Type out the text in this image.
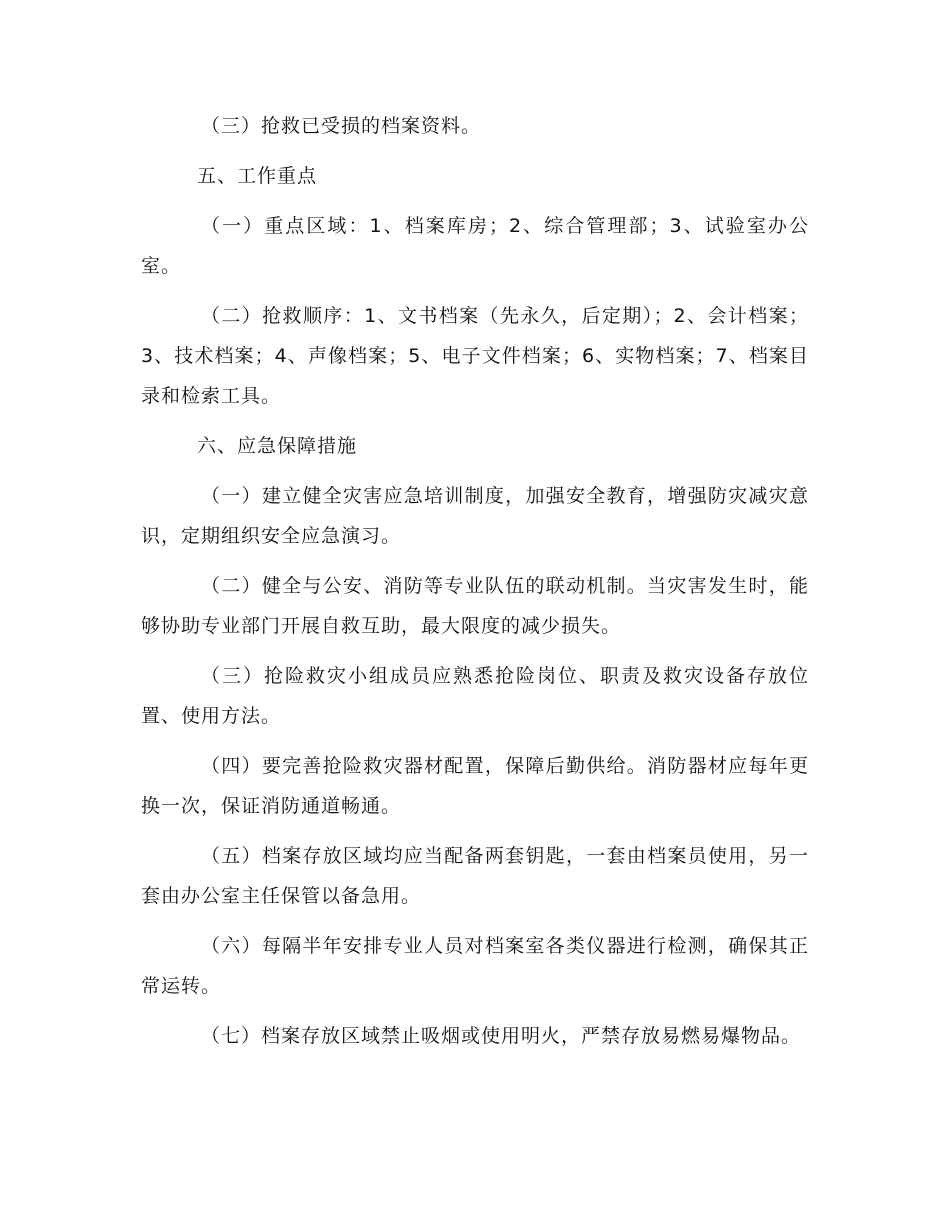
（三）抢救已受损的档案资料。

五、工作重点

（一）重点区域：1、档案库房；2、综合管理部；3、试验室办公室。

（二）抢救顺序：1、文书档案（先永久，后定期）；2、会计档案；3、技术档案；4、声像档案；5、电子文件档案；6、实物档案；7、档案目录和检索工具。

六、应急保障措施

（一）建立健全灾害应急培训制度，加强安全教育，增强防灾减灾意识，定期组织安全应急演习。

（二）健全与公安、消防等专业队伍的联动机制。当灾害发生时，能够协助专业部门开展自救互助，最大限度的减少损失。

（三）抢险救灾小组成员应熟悉抢险岗位、职责及救灾设备存放位置、使用方法。

（四）要完善抢险救灾器材配置，保障后勤供给。消防器材应每年更换一次，保证消防通道畅通。

（五）档案存放区域均应当配备两套钥匙，一套由档案员使用，另一套由办公室主任保管以备急用。

（六）每隔半年安排专业人员对档案室各类仪器进行检测，确保其正常运转。

（七）档案存放区域禁止吸烟或使用明火，严禁存放易燃易爆物品。
